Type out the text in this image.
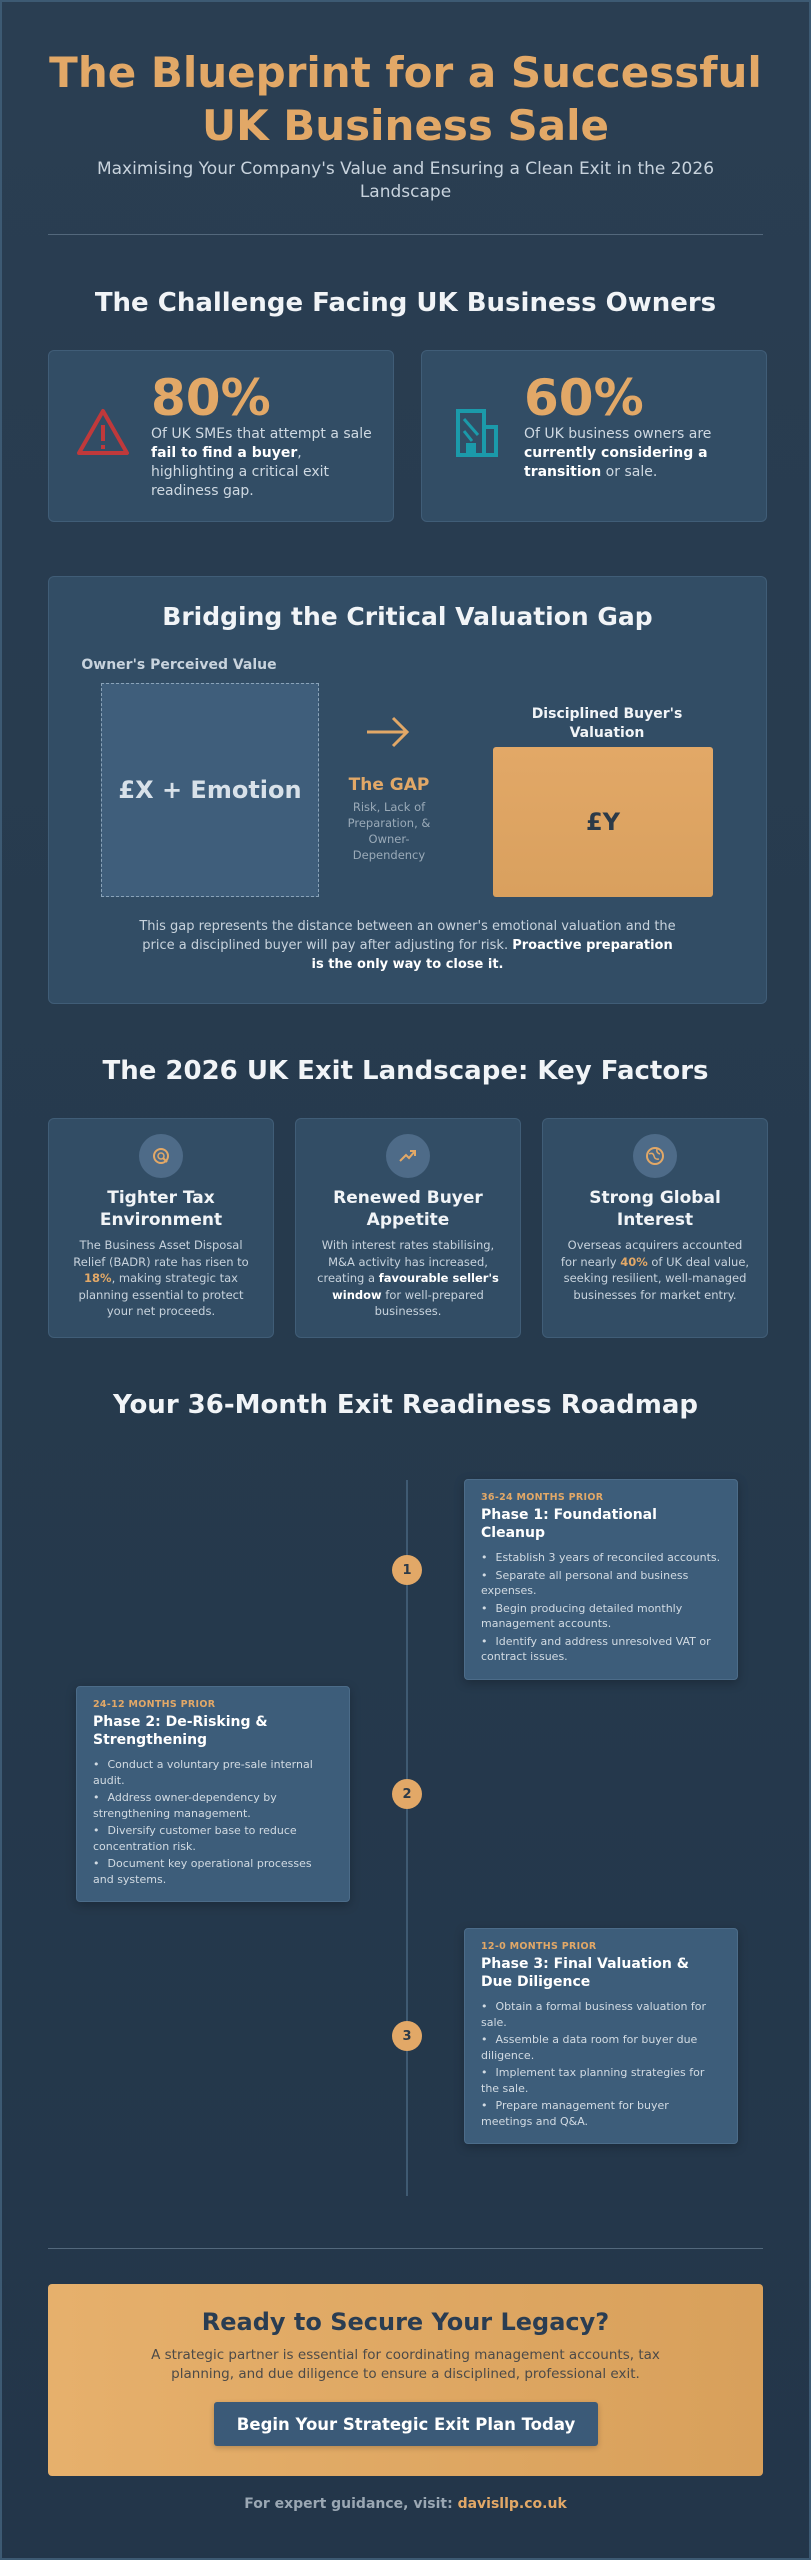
The Blueprint for a Successful UK Business Sale
Maximising Your Company's Value and Ensuring a Clean Exit in the 2026 Landscape
The Challenge Facing UK Business Owners
80%
Of UK SMEs that attempt a sale fail to find a buyer, highlighting a critical exit readiness gap.
60%
Of UK business owners are currently considering a transition or sale.
Bridging the Critical Valuation Gap
Owner's Perceived Value
£X + Emotion	The GAP
Risk, Lack of Preparation, & Owner-Dependency
Disciplined Buyer's Valuation
£Y
This gap represents the distance between an owner's emotional valuation and the price a disciplined buyer will pay after adjusting for risk. Proactive preparation is the only way to close it.
The 2026 UK Exit Landscape: Key Factors
Tighter Tax Environment
The Business Asset Disposal Relief (BADR) rate has risen to 18%, making strategic tax planning essential to protect your net proceeds.
Renewed Buyer Appetite
With interest rates stabilising, M&A activity has increased, creating a favourable seller's window for well-prepared businesses.
Strong Global Interest
Overseas acquirers accounted for nearly 40% of UK deal value, seeking resilient, well-managed businesses for market entry.
Your 36-Month Exit Readiness Roadmap
1
36-24 MONTHS PRIOR
Phase 1: Foundational Cleanup
• Establish 3 years of reconciled accounts.
• Separate all personal and business expenses.
• Begin producing detailed monthly management accounts.
• Identify and address unresolved VAT or contract issues.
2
24-12 MONTHS PRIOR
Phase 2: De-Risking & Strengthening
• Conduct a voluntary pre-sale internal audit.
• Address owner-dependency by strengthening management.
• Diversify customer base to reduce concentration risk.
• Document key operational processes and systems.
3
12-0 MONTHS PRIOR
Phase 3: Final Valuation & Due Diligence
• Obtain a formal business valuation for sale.
• Assemble a data room for buyer due diligence.
• Implement tax planning strategies for the sale.
• Prepare management for buyer meetings and Q&A.
Ready to Secure Your Legacy?
A strategic partner is essential for coordinating management accounts, tax planning, and due diligence to ensure a disciplined, professional exit.
Begin Your Strategic Exit Plan Today
For expert guidance, visit: davisllp.co.uk
